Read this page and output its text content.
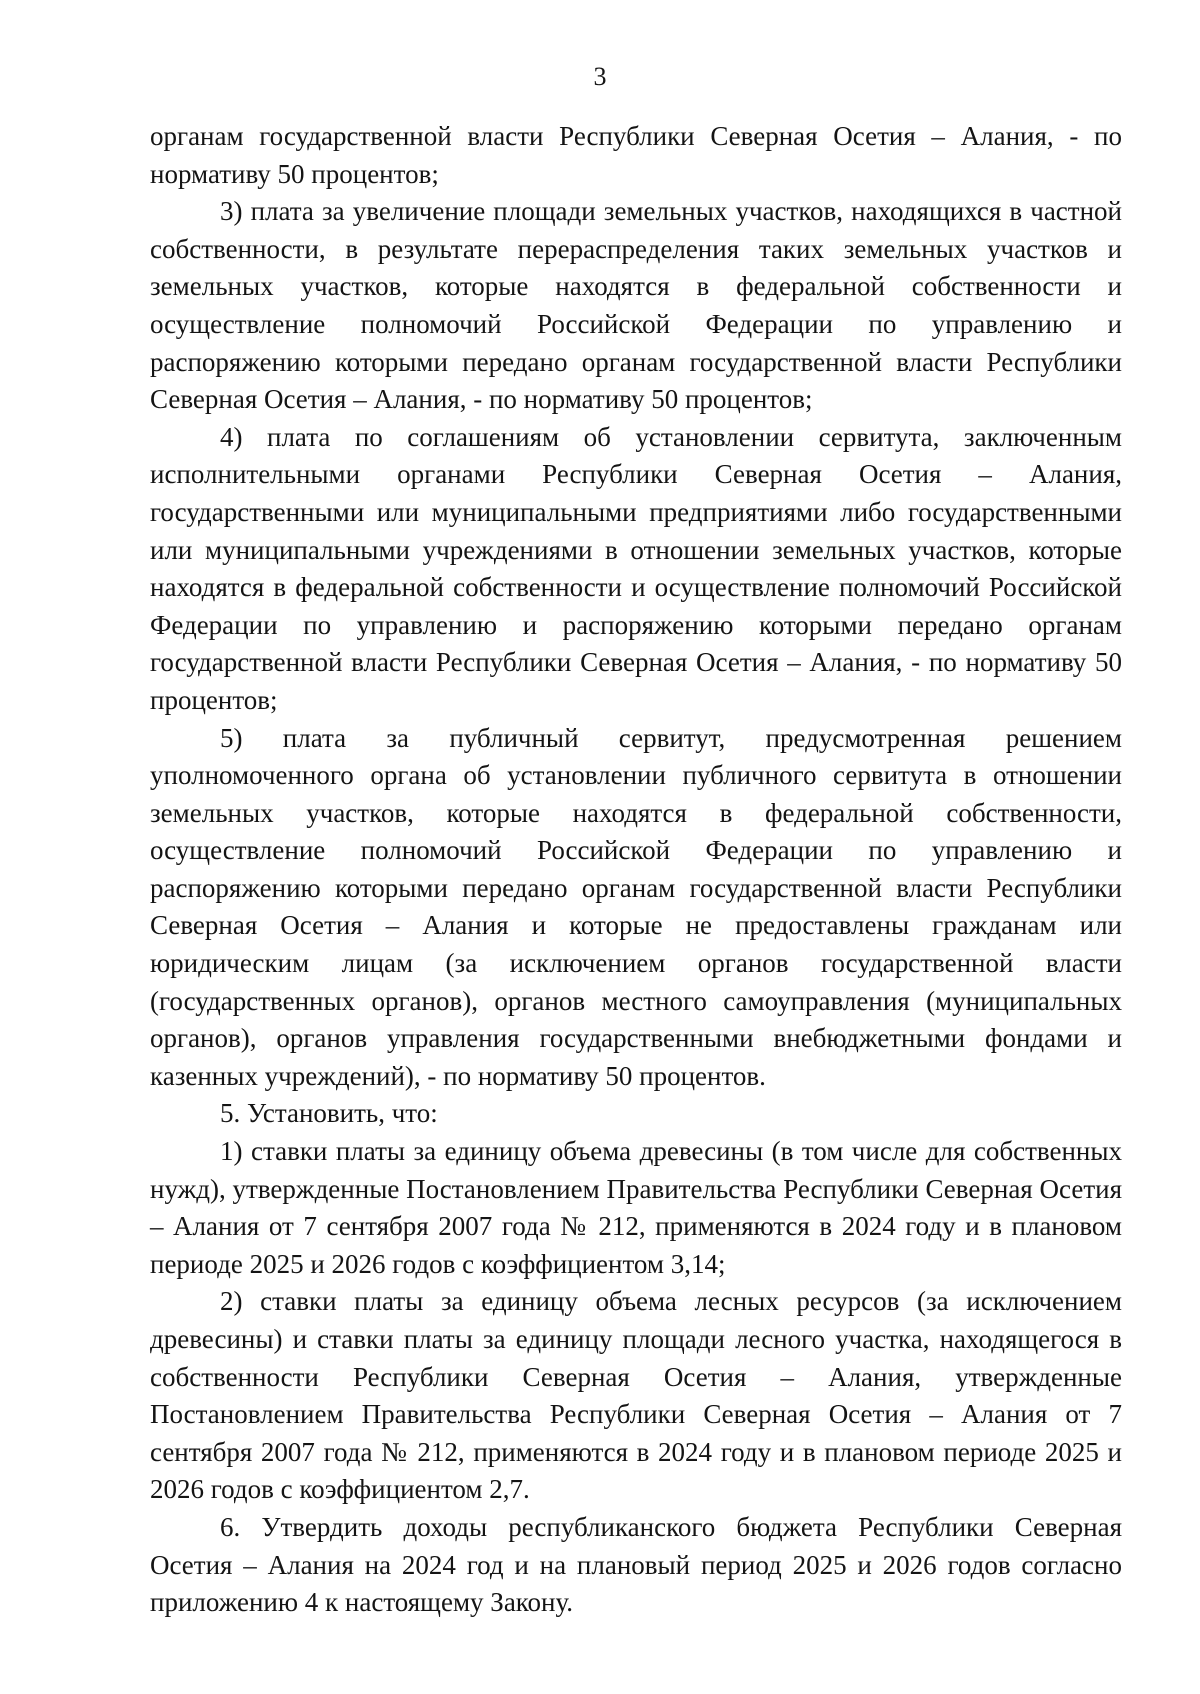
3

органам государственной власти Республики Северная Осетия – Алания, - по нормативу 50 процентов;

3) плата за увеличение площади земельных участков, находящихся в частной собственности, в результате перераспределения таких земельных участков и земельных участков, которые находятся в федеральной собственности и осуществление полномочий Российской Федерации по управлению и распоряжению которыми передано органам государственной власти Республики Северная Осетия – Алания, - по нормативу 50 процентов;

4) плата по соглашениям об установлении сервитута, заключенным исполнительными органами Республики Северная Осетия – Алания, государственными или муниципальными предприятиями либо государственными или муниципальными учреждениями в отношении земельных участков, которые находятся в федеральной собственности и осуществление полномочий Российской Федерации по управлению и распоряжению которыми передано органам государственной власти Республики Северная Осетия – Алания, - по нормативу 50 процентов;

5) плата за публичный сервитут, предусмотренная решением уполномоченного органа об установлении публичного сервитута в отношении земельных участков, которые находятся в федеральной собственности, осуществление полномочий Российской Федерации по управлению и распоряжению которыми передано органам государственной власти Республики Северная Осетия – Алания и которые не предоставлены гражданам или юридическим лицам (за исключением органов государственной власти (государственных органов), органов местного самоуправления (муниципальных органов), органов управления государственными внебюджетными фондами и казенных учреждений), - по нормативу 50 процентов.

5. Установить, что:

1) ставки платы за единицу объема древесины (в том числе для собственных нужд), утвержденные Постановлением Правительства Республики Северная Осетия – Алания от 7 сентября 2007 года № 212, применяются в 2024 году и в плановом периоде 2025 и 2026 годов с коэффициентом 3,14;

2) ставки платы за единицу объема лесных ресурсов (за исключением древесины) и ставки платы за единицу площади лесного участка, находящегося в собственности Республики Северная Осетия – Алания, утвержденные Постановлением Правительства Республики Северная Осетия – Алания от 7 сентября 2007 года № 212, применяются в 2024 году и в плановом периоде 2025 и 2026 годов с коэффициентом 2,7.

6. Утвердить доходы республиканского бюджета Республики Северная Осетия – Алания на 2024 год и на плановый период 2025 и 2026 годов согласно приложению 4 к настоящему Закону.
